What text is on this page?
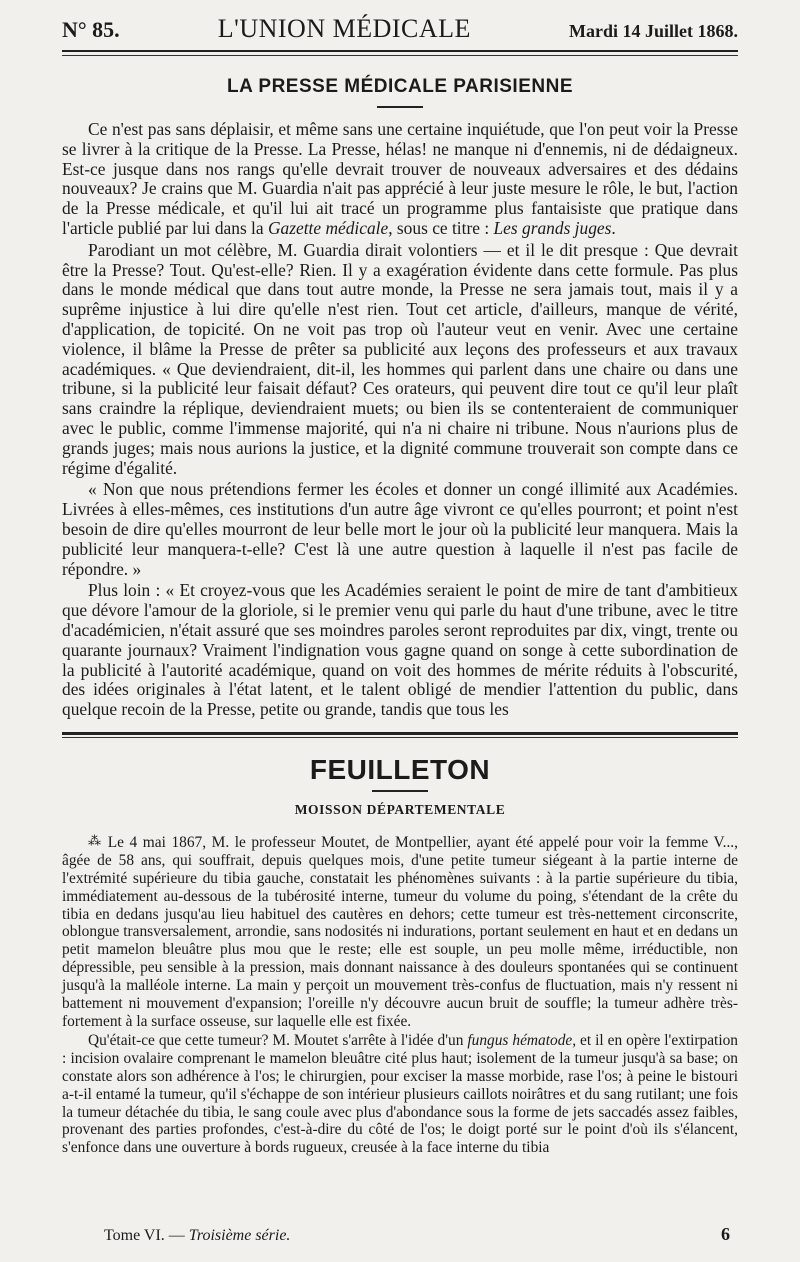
N° 85.	L'UNION MÉDICALE	Mardi 14 Juillet 1868.
LA PRESSE MÉDICALE PARISIENNE

Ce n'est pas sans déplaisir, et même sans une certaine inquiétude, que l'on peut voir la Presse se livrer à la critique de la Presse. La Presse, hélas! ne manque ni d'ennemis, ni de dédaigneux. Est-ce jusque dans nos rangs qu'elle devrait trouver de nouveaux adversaires et des dédains nouveaux? Je crains que M. Guardia n'ait pas apprécié à leur juste mesure le rôle, le but, l'action de la Presse médicale, et qu'il lui ait tracé un programme plus fantaisiste que pratique dans l'article publié par lui dans la Gazette médicale, sous ce titre : Les grands juges.

Parodiant un mot célèbre, M. Guardia dirait volontiers — et il le dit presque : Que devrait être la Presse? Tout. Qu'est-elle? Rien. Il y a exagération évidente dans cette formule. Pas plus dans le monde médical que dans tout autre monde, la Presse ne sera jamais tout, mais il y a suprême injustice à lui dire qu'elle n'est rien. Tout cet article, d'ailleurs, manque de vérité, d'application, de topicité. On ne voit pas trop où l'auteur veut en venir. Avec une certaine violence, il blâme la Presse de prêter sa publicité aux leçons des professeurs et aux travaux académiques. « Que deviendraient, dit-il, les hommes qui parlent dans une chaire ou dans une tribune, si la publicité leur faisait défaut? Ces orateurs, qui peuvent dire tout ce qu'il leur plaît sans craindre la réplique, deviendraient muets; ou bien ils se contenteraient de communiquer avec le public, comme l'immense majorité, qui n'a ni chaire ni tribune. Nous n'aurions plus de grands juges; mais nous aurions la justice, et la dignité commune trouverait son compte dans ce régime d'égalité.

« Non que nous prétendions fermer les écoles et donner un congé illimité aux Académies. Livrées à elles-mêmes, ces institutions d'un autre âge vivront ce qu'elles pourront; et point n'est besoin de dire qu'elles mourront de leur belle mort le jour où la publicité leur manquera. Mais la publicité leur manquera-t-elle? C'est là une autre question à laquelle il n'est pas facile de répondre. »

Plus loin : « Et croyez-vous que les Académies seraient le point de mire de tant d'ambitieux que dévore l'amour de la gloriole, si le premier venu qui parle du haut d'une tribune, avec le titre d'académicien, n'était assuré que ses moindres paroles seront reproduites par dix, vingt, trente ou quarante journaux? Vraiment l'indignation vous gagne quand on songe à cette subordination de la publicité à l'autorité académique, quand on voit des hommes de mérite réduits à l'obscurité, des idées originales à l'état latent, et le talent obligé de mendier l'attention du public, dans quelque recoin de la Presse, petite ou grande, tandis que tous les

FEUILLETON
MOISSON DÉPARTEMENTALE

⁂ Le 4 mai 1867, M. le professeur Moutet, de Montpellier, ayant été appelé pour voir la femme V..., âgée de 58 ans, qui souffrait, depuis quelques mois, d'une petite tumeur siégeant à la partie interne de l'extrémité supérieure du tibia gauche, constatait les phénomènes suivants : à la partie supérieure du tibia, immédiatement au-dessous de la tubérosité interne, tumeur du volume du poing, s'étendant de la crête du tibia en dedans jusqu'au lieu habituel des cautères en dehors; cette tumeur est très-nettement circonscrite, oblongue transversalement, arrondie, sans nodosités ni indurations, portant seulement en haut et en dedans un petit mamelon bleuâtre plus mou que le reste; elle est souple, un peu molle même, irréductible, non dépressible, peu sensible à la pression, mais donnant naissance à des douleurs spontanées qui se continuent jusqu'à la malléole interne. La main y perçoit un mouvement très-confus de fluctuation, mais n'y ressent ni battement ni mouvement d'expansion; l'oreille n'y découvre aucun bruit de souffle; la tumeur adhère très-fortement à la surface osseuse, sur laquelle elle est fixée.

Qu'était-ce que cette tumeur? M. Moutet s'arrête à l'idée d'un fungus hématode, et il en opère l'extirpation : incision ovalaire comprenant le mamelon bleuâtre cité plus haut; isolement de la tumeur jusqu'à sa base; on constate alors son adhérence à l'os; le chirurgien, pour exciser la masse morbide, rase l'os; à peine le bistouri a-t-il entamé la tumeur, qu'il s'échappe de son intérieur plusieurs caillots noirâtres et du sang rutilant; une fois la tumeur détachée du tibia, le sang coule avec plus d'abondance sous la forme de jets saccadés assez faibles, provenant des parties profondes, c'est-à-dire du côté de l'os; le doigt porté sur le point d'où ils s'élancent, s'enfonce dans une ouverture à bords rugueux, creusée à la face interne du tibia

Tome VI. — Troisième série.	6
